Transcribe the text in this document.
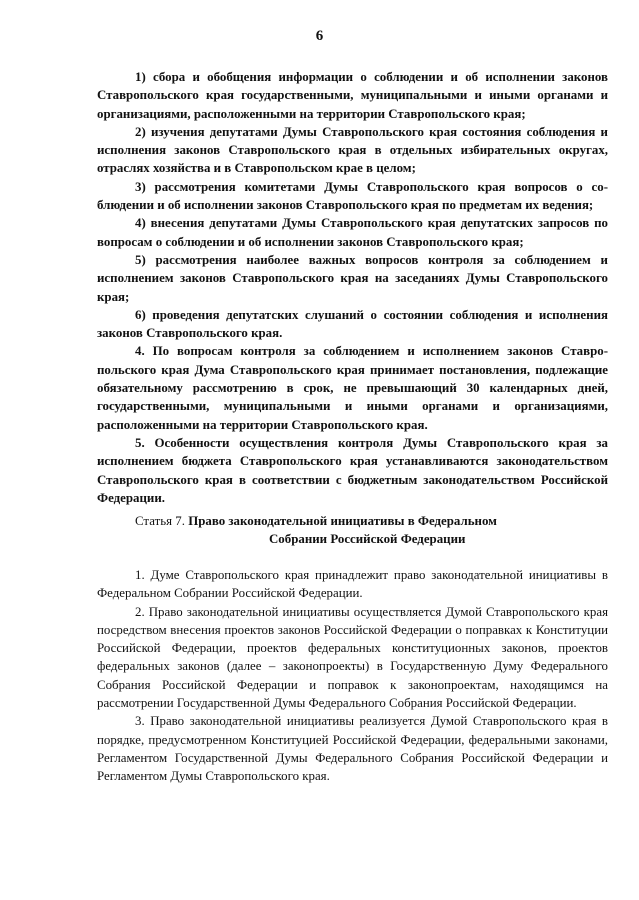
6

1) сбора и обобщения информации о соблюдении и об исполнении законов Ставропольского края государственными, муниципальными и иными органами и организациями, расположенными на территории Ставропольского края;

2) изучения депутатами Думы Ставропольского края состояния соблюдения и исполнения законов Ставропольского края в отдельных избирательных округах, отраслях хозяйства и в Ставропольском крае в целом;

3) рассмотрения комитетами Думы Ставропольского края вопросов о соблюдении и об исполнении законов Ставропольского края по предметам их ведения;

4) внесения депутатами Думы Ставропольского края депутатских запросов по вопросам о соблюдении и об исполнении законов Ставропольского края;

5) рассмотрения наиболее важных вопросов контроля за соблюдением и исполнением законов Ставропольского края на заседаниях Думы Ставропольского края;

6) проведения депутатских слушаний о состоянии соблюдения и исполнения законов Ставропольского края.

4. По вопросам контроля за соблюдением и исполнением законов Ставропольского края Дума Ставропольского края принимает постановления, подлежащие обязательному рассмотрению в срок, не превышающий 30 календарных дней, государственными, муниципальными и иными органами и организациями, расположенными на территории Ставропольского края.

5. Особенности осуществления контроля Думы Ставропольского края за исполнением бюджета Ставропольского края устанавливаются законодательством Ставропольского края в соответствии с бюджетным законодательством Российской Федерации.

Статья 7. Право законодательной инициативы в Федеральном
Собрании Российской Федерации

1. Думе Ставропольского края принадлежит право законодательной инициативы в Федеральном Собрании Российской Федерации.

2. Право законодательной инициативы осуществляется Думой Ставропольского края посредством внесения проектов законов Российской Федерации о поправках к Конституции Российской Федерации, проектов федеральных конституционных законов, проектов федеральных законов (далее – законопроекты) в Государственную Думу Федерального Собрания Российской Федерации и поправок к законопроектам, находящимся на рассмотрении Государственной Думы Федерального Собрания Российской Федерации.

3. Право законодательной инициативы реализуется Думой Ставропольского края в порядке, предусмотренном Конституцией Российской Федерации, федеральными законами, Регламентом Государственной Думы Федерального Собрания Российской Федерации и Регламентом Думы Ставропольского края.
